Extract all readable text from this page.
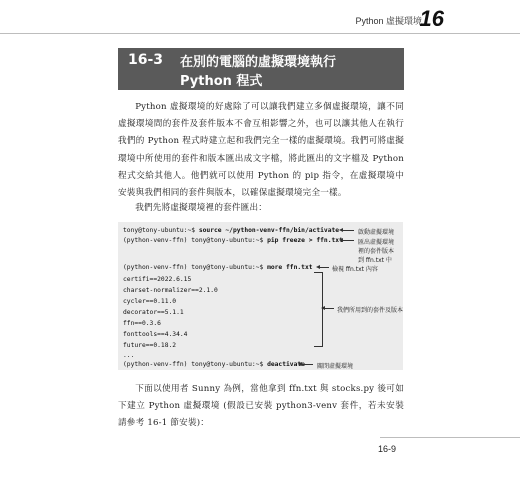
Python 虛擬環境
16
16-3 在別的電腦的虛擬環境執行
Python 程式
Python 虛擬環境的好處除了可以讓我們建立多個虛擬環境，讓不同虛擬環境間的套件及套件版本不會互相影響之外，也可以讓其他人在執行我們的 Python 程式時建立起和我們完全一樣的虛擬環境。我們可將虛擬環境中所使用的套件和版本匯出成文字檔，將此匯出的文字檔及 Python 程式交給其他人。他們就可以使用 Python 的 pip 指令，在虛擬環境中安裝與我們相同的套件與版本，以確保虛擬環境完全一樣。
我們先將虛擬環境裡的套件匯出：
tony@tony-ubuntu:~$ source ~/python-venv-ffn/bin/activate
(python-venv-ffn) tony@tony-ubuntu:~$ pip freeze > ffn.txt
(python-venv-ffn) tony@tony-ubuntu:~$ more ffn.txt
certifi==2022.6.15
charset-normalizer==2.1.0
cycler==0.11.0
decorator==5.1.1
ffn==0.3.6
fonttools==4.34.4
future==0.18.2
...
(python-venv-ffn) tony@tony-ubuntu:~$ deactivate
啟動虛擬環境
匯出虛擬環境
裡的套件版本
到 ffn.txt 中
檢視 ffn.txt 內容
我們所用到的套件及版本
關閉虛擬環境
下面以使用者 Sunny 為例，當他拿到 ffn.txt 與 stocks.py 後可如下建立 Python 虛擬環境 (假設已安裝 python3-venv 套件，若未安裝請參考 16-1 節安裝)：
16-9
